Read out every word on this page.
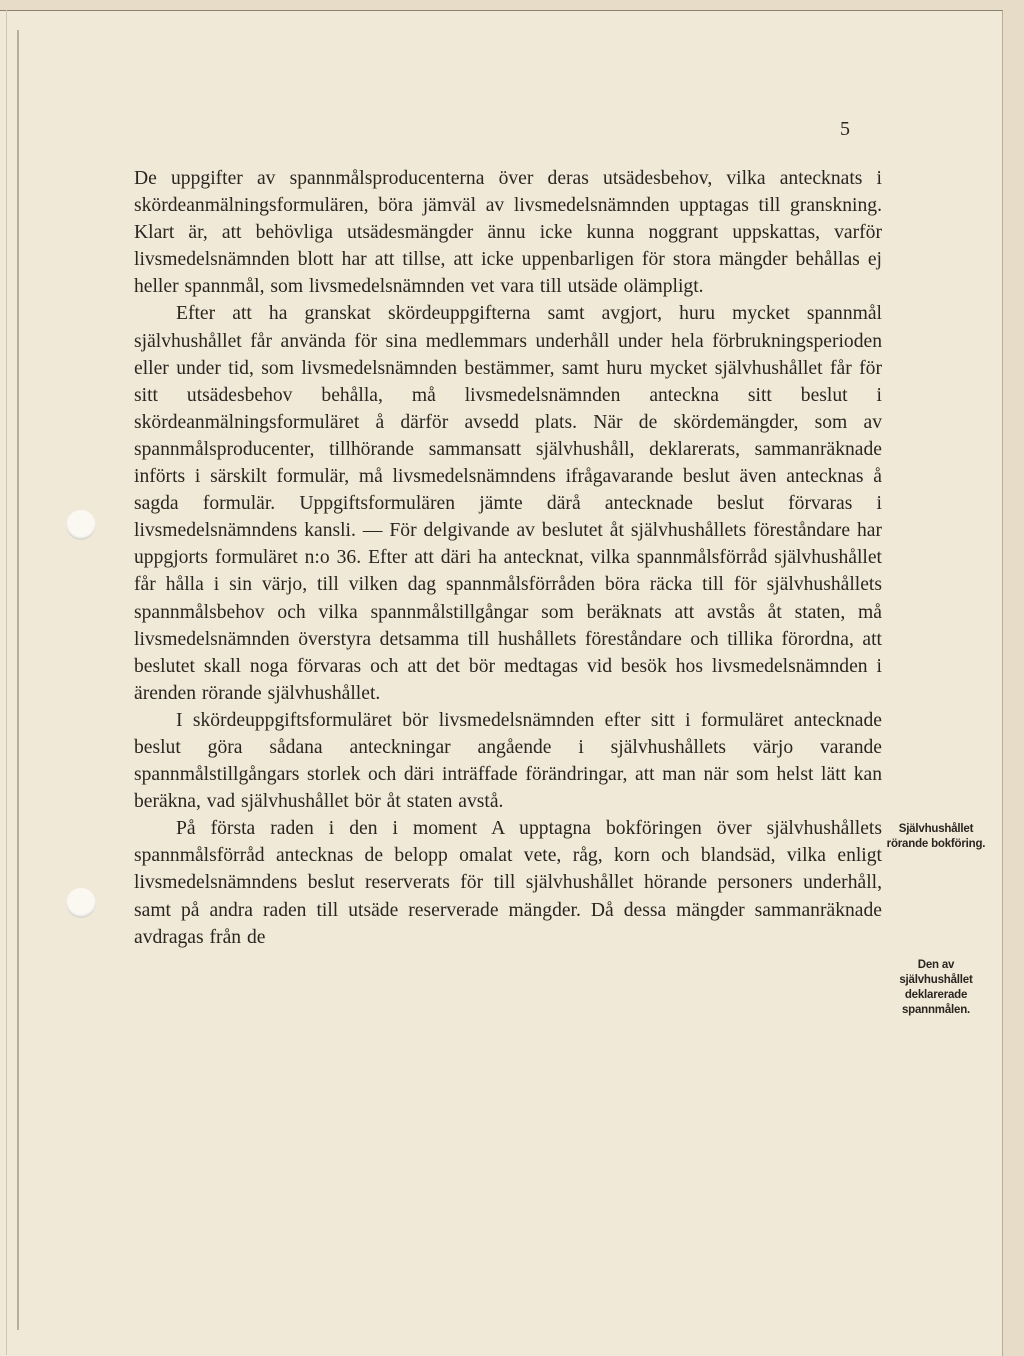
5

De uppgifter av spannmålsproducenterna över deras utsädesbehov, vilka antecknats i skördeanmälningsformulären, böra jämväl av livsmedelsnämnden upptagas till granskning. Klart är, att behövliga utsädesmängder ännu icke kunna noggrant uppskattas, varför livsmedelsnämnden blott har att tillse, att icke uppenbarligen för stora mängder behållas ej heller spannmål, som livsmedelsnämnden vet vara till utsäde olämpligt.

Efter att ha granskat skördeuppgifterna samt avgjort, huru mycket spannmål självhushållet får använda för sina medlemmars underhåll under hela förbrukningsperioden eller under tid, som livsmedelsnämnden bestämmer, samt huru mycket självhushållet får för sitt utsädesbehov behålla, må livsmedelsnämnden anteckna sitt beslut i skördeanmälningsformuläret å därför avsedd plats. När de skördemängder, som av spannmålsproducenter, tillhörande sammansatt självhushåll, deklarerats, sammanräknade införts i särskilt formulär, må livsmedelsnämndens ifrågavarande beslut även antecknas å sagda formulär. Uppgiftsformulären jämte därå antecknade beslut förvaras i livsmedelsnämndens kansli. — För delgivande av beslutet åt självhushållets föreståndare har uppgjorts formuläret n:o 36. Efter att däri ha antecknat, vilka spannmålsförråd självhushållet får hålla i sin värjo, till vilken dag spannmålsförråden böra räcka till för självhushållets spannmålsbehov och vilka spannmålstillgångar som beräknats att avstås åt staten, må livsmedelsnämnden överstyra detsamma till hushållets föreståndare och tillika förordna, att beslutet skall noga förvaras och att det bör medtagas vid besök hos livsmedelsnämnden i ärenden rörande självhushållet.

I skördeuppgiftsformuläret bör livsmedelsnämnden efter sitt i formuläret antecknade beslut göra sådana anteckningar angående i självhushållets värjo varande spannmålstillgångars storlek och däri inträffade förändringar, att man när som helst lätt kan beräkna, vad självhushållet bör åt staten avstå.

På första raden i den i moment A upptagna bokföringen över självhushållets spannmålsförråd antecknas de belopp omalat vete, råg, korn och blandsäd, vilka enligt livsmedelsnämndens beslut reserverats för till självhushållet hörande personers underhåll, samt på andra raden till utsäde reserverade mängder. Då dessa mängder sammanräknade avdragas från de

Självhushållet rörande bokföring.
Den av självhushållet deklarerade spannmålen.
